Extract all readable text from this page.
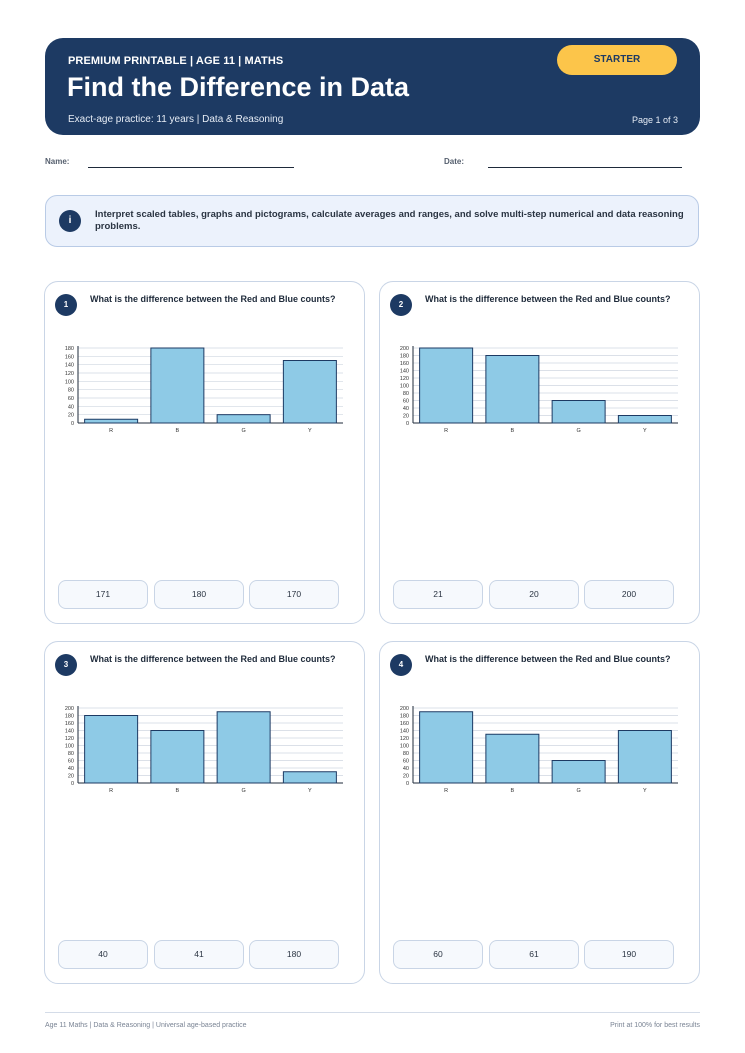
PREMIUM PRINTABLE | AGE 11 | MATHS
Find the Difference in Data
Exact-age practice: 11 years | Data & Reasoning	Page 1 of 3
STARTER
Name:	Date:
i
Interpret scaled tables, graphs and pictograms, calculate averages and ranges, and solve multi-step numerical and data reasoning problems.
1
What is the difference between the Red and Blue counts?
0
20
40
60
80
100
120
140
160
180
R	B	G	Y
171	180	170
2
What is the difference between the Red and Blue counts?
0
20
40
60
80
100
120
140
160
180
200
R	B	G	Y
21	20	200
3
What is the difference between the Red and Blue counts?
0
20
40
60
80
100
120
140
160
180
200
R	B	G	Y
40	41	180
4
What is the difference between the Red and Blue counts?
0
20
40
60
80
100
120
140
160
180
200
R	B	G	Y
60	61	190
Age 11 Maths | Data & Reasoning | Universal age-based practice	Print at 100% for best results
